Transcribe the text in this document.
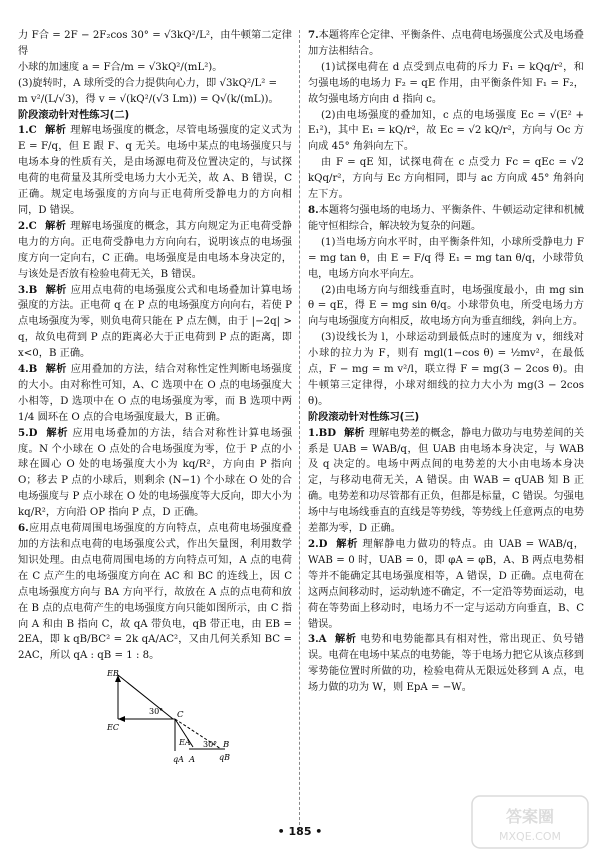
力 F合 = 2F − 2F₂cos 30° = √3kQ²/L²，由牛顿第二定律得

小球的加速度 a = F合/m = √3kQ²/(mL²)。

(3)旋转时，A 球所受的合力提供向心力，即 √3kQ²/L² =

m v²/(L/√3)，得 v = √(kQ²/(√3 Lm)) = Q√(k/(mL))。

阶段滚动针对性练习(二)

1.C 解析 理解电场强度的概念，尽管电场强度的定义式为 E = F/q，但 E 跟 F、q 无关。电场中某点的电场强度只与电场本身的性质有关，是由场源电荷及位置决定的，与试探电荷的电荷量及其所受电场力大小无关，故 A、B 错误，C 正确。规定电场强度的方向与正电荷所受静电力的方向相同，D 错误。

2.C 解析 理解电场强度的概念，其方向规定为正电荷受静电力的方向。正电荷受静电力方向向右，说明该点的电场强度方向一定向右，C 正确。电场强度是由电场本身决定的，与该处是否放有检验电荷无关，B 错误。

3.B 解析 应用点电荷的电场强度公式和电场叠加计算电场强度的方法。正电荷 q 在 P 点的电场强度方向向右，若使 P 点电场强度为零，则负电荷只能在 P 点左侧，由于 |−2q| > q，故负电荷到 P 点的距离必大于正电荷到 P 点的距离，即 x<0，B 正确。

4.B 解析 应用叠加的方法，结合对称性定性判断电场强度的大小。由对称性可知，A、C 选项中在 O 点的电场强度大小相等，D 选项中在 O 点的电场强度为零，而 B 选项中两 1/4 圆环在 O 点的合电场强度最大，B 正确。

5.D 解析 应用电场叠加的方法，结合对称性计算电场强度。N 个小球在 O 点处的合电场强度为零，位于 P 点的小球在圆心 O 处的电场强度大小为 kq/R²，方向由 P 指向 O；移去 P 点的小球后，则剩余 (N−1) 个小球在 O 处的合电场强度与 P 点小球在 O 处的电场强度等大反向，即大小为 kq/R²，方向沿 OP 指向 P 点，D 正确。

6.应用点电荷周围电场强度的方向特点，点电荷电场强度叠加的方法和点电荷的电场强度公式，作出矢量图，利用数学知识处理。由点电荷周围电场的方向特点可知，A 点的电荷在 C 点产生的电场强度方向在 AC 和 BC 的连线上，因 C 点电场强度方向与 BA 方向平行，故放在 A 点的点电荷和放在 B 点的点电荷产生的电场强度方向只能如图所示，由 C 指向 A 和由 B 指向 C，故 qA 带负电，qB 带正电，由 EB = 2EA，即 k qB/BC² = 2k qA/AC²，又由几何关系知 BC = 2AC，所以 qA : qB = 1 : 8。

EB
30° C
EC
EA 30° B
qA A	qB

7.本题将库仑定律、平衡条件、点电荷电场强度公式及电场叠加方法相结合。

(1)试探电荷在 d 点受到点电荷的斥力 F₁ = kQq/r²，和匀强电场的电场力 F₂ = qE 作用，由平衡条件知 F₁ = F₂，故匀强电场方向由 d 指向 c。

(2)由电场强度的叠加知，c 点的电场强度 Ec = √(E² + E₁²)，其中 E₁ = kQ/r²，故 Ec = √2 kQ/r²，方向与 Oc 方向成 45° 角斜向左下。

由 F = qE 知，试探电荷在 c 点受力 Fc = qEc = √2 kQq/r²，方向与 Ec 方向相同，即与 ac 方向成 45° 角斜向左下方。

8.本题将匀强电场的电场力、平衡条件、牛顿运动定律和机械能守恒相综合，解决较为复杂的问题。

(1)当电场方向水平时，由平衡条件知，小球所受静电力 F = mg tan θ，由 E = F/q 得 E₁ = mg tan θ/q，小球带负电，电场方向水平向左。

(2)由电场方向与细线垂直时，电场强度最小，由 mg sin θ = qE，得 E = mg sin θ/q。小球带负电，所受电场力方向与电场强度方向相反，故电场方向为垂直细线，斜向上方。

(3)设线长为 l，小球运动到最低点时的速度为 v，细线对小球的拉力为 F，则有 mgl(1−cos θ) = ½mv²，在最低点，F − mg = m v²/l，联立得 F = mg(3 − 2cos θ)。由牛顿第三定律得，小球对细线的拉力大小为 mg(3 − 2cos θ)。

阶段滚动针对性练习(三)

1.BD 解析 理解电势差的概念，静电力做功与电势差间的关系是 UAB = WAB/q，但 UAB 由电场本身决定，与 WAB 及 q 决定的。电场中两点间的电势差的大小由电场本身决定，与移动电荷无关，A 错误。由 WAB = qUAB 知 B 正确。电势差和功尽管都有正负，但都是标量，C 错误。匀强电场中与电场线垂直的直线是等势线，等势线上任意两点的电势差都为零，D 正确。

2.D 解析 理解静电力做功的特点。由 UAB = WAB/q，WAB = 0 时，UAB = 0，即 φA = φB，A、B 两点电势相等并不能确定其电场强度相等，A 错误，D 正确。点电荷在这两点间移动时，运动轨迹不确定，不一定沿等势面运动，电荷在等势面上移动时，电场力不一定与运动方向垂直，B、C 错误。

3.A 解析 电势和电势能都具有相对性，常出现正、负号错误。电荷在电场中某点的电势能，等于电场力把它从该点移到零势能位置时所做的功，检验电荷从无限远处移到 A 点，电场力做的功为 W，则 EpA = −W。

• 185 •
答案圈
MXQE.COM
